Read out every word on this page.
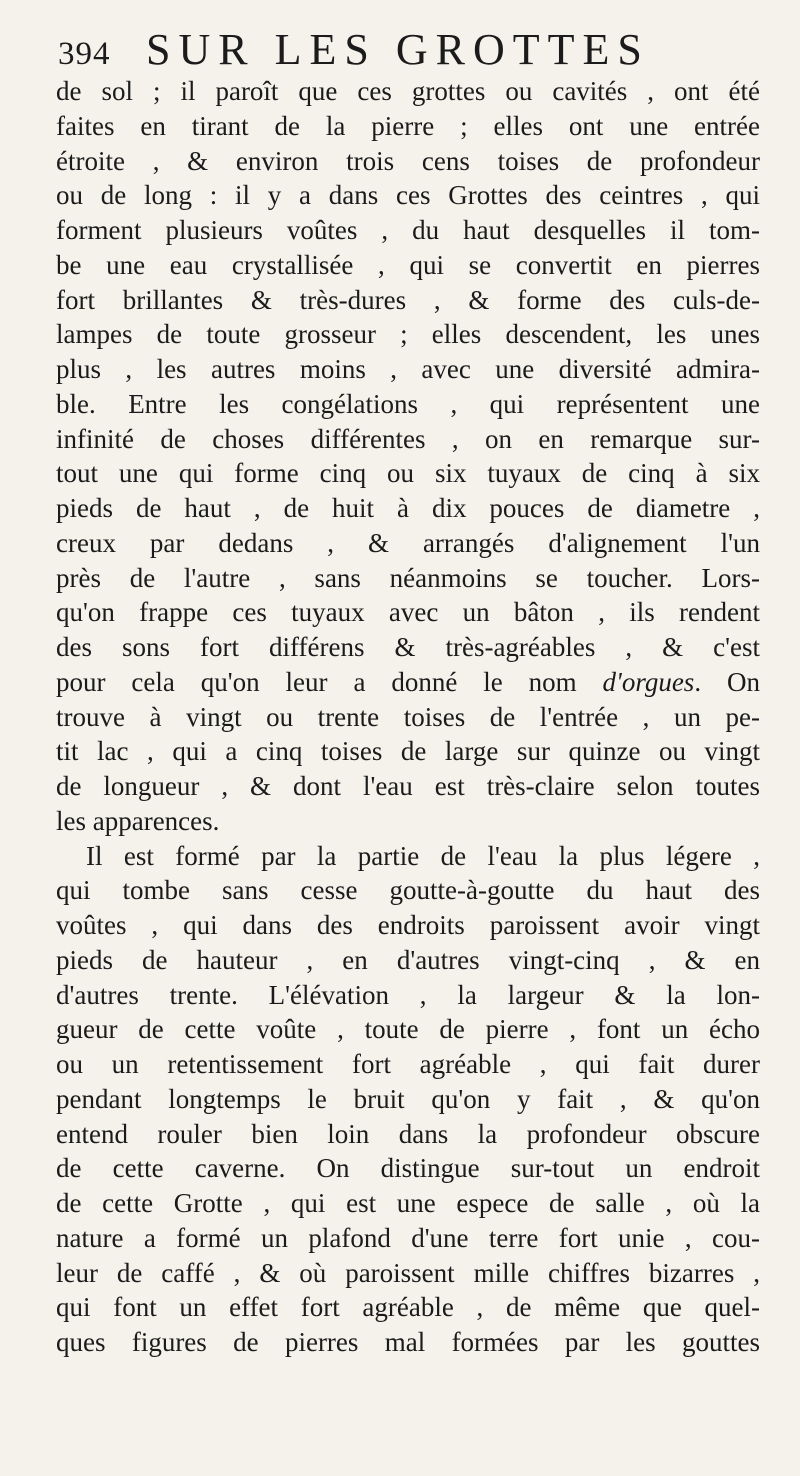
394 SUR LES GROTTES
de sol ; il paroît que ces grottes ou cavités , ont été
faites en tirant de la pierre ; elles ont une entrée
étroite , & environ trois cens toises de profondeur
ou de long : il y a dans ces Grottes des ceintres , qui
forment plusieurs voûtes , du haut desquelles il tom-
be une eau crystallisée , qui se convertit en pierres
fort brillantes & très-dures , & forme des culs-de-
lampes de toute grosseur ; elles descendent, les unes
plus , les autres moins , avec une diversité admira-
ble. Entre les congélations , qui représentent une
infinité de choses différentes , on en remarque sur-
tout une qui forme cinq ou six tuyaux de cinq à six
pieds de haut , de huit à dix pouces de diametre ,
creux par dedans , & arrangés d'alignement l'un
près de l'autre , sans néanmoins se toucher. Lors-
qu'on frappe ces tuyaux avec un bâton , ils rendent
des sons fort différens & très-agréables , & c'est
pour cela qu'on leur a donné le nom d'orgues. On
trouve à vingt ou trente toises de l'entrée , un pe-
tit lac , qui a cinq toises de large sur quinze ou vingt
de longueur , & dont l'eau est très-claire selon toutes
les apparences.
Il est formé par la partie de l'eau la plus légere ,
qui tombe sans cesse goutte-à-goutte du haut des
voûtes , qui dans des endroits paroissent avoir vingt
pieds de hauteur , en d'autres vingt-cinq , & en
d'autres trente. L'élévation , la largeur & la lon-
gueur de cette voûte , toute de pierre , font un écho
ou un retentissement fort agréable , qui fait durer
pendant longtemps le bruit qu'on y fait , & qu'on
entend rouler bien loin dans la profondeur obscure
de cette caverne. On distingue sur-tout un endroit
de cette Grotte , qui est une espece de salle , où la
nature a formé un plafond d'une terre fort unie , cou-
leur de caffé , & où paroissent mille chiffres bizarres ,
qui font un effet fort agréable , de même que quel-
ques figures de pierres mal formées par les gouttes
